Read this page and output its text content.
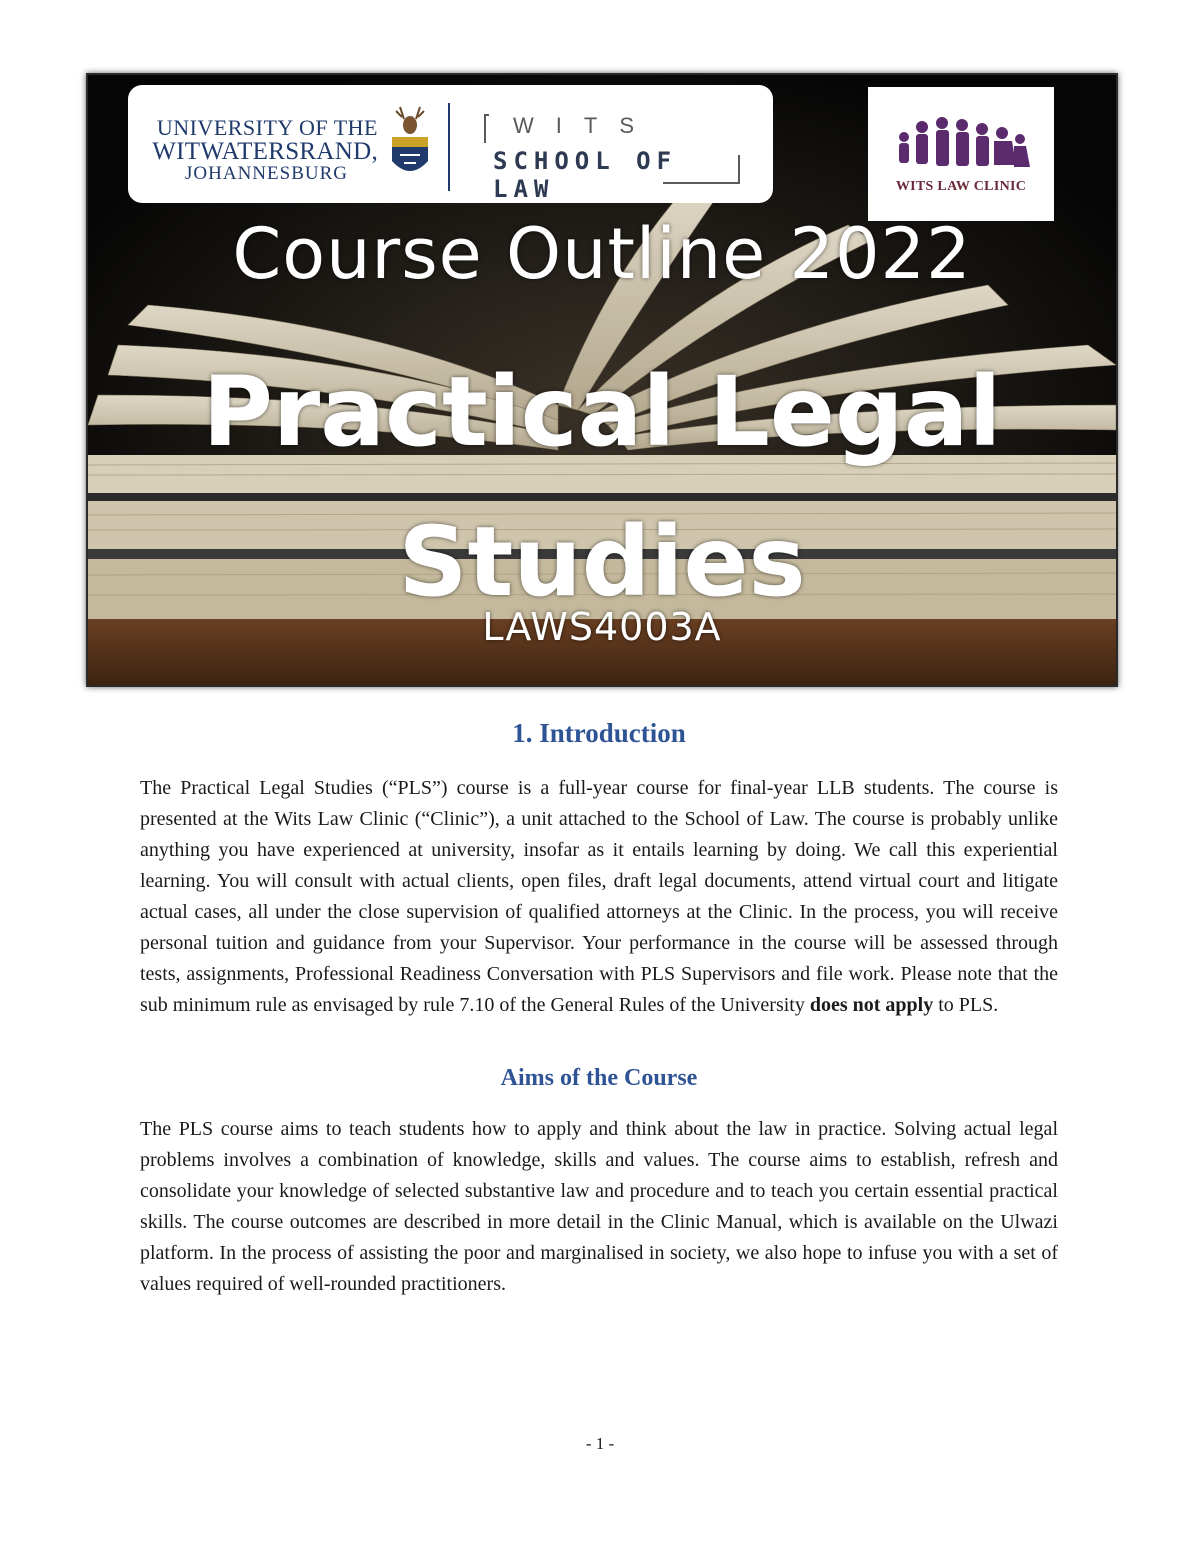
UNIVERSITY OF THE
WITWATERSRAND,
JOHANNESBURG
WITS
SCHOOL OF LAW	WITS LAW CLINIC
Course Outline 2022
Practical Legal
Studies
LAWS4003A
1. Introduction

The Practical Legal Studies (“PLS”) course is a full-year course for final-year LLB students. The course is presented at the Wits Law Clinic (“Clinic”), a unit attached to the School of Law. The course is probably unlike anything you have experienced at university, insofar as it entails learning by doing. We call this experiential learning. You will consult with actual clients, open files, draft legal documents, attend virtual court and litigate actual cases, all under the close supervision of qualified attorneys at the Clinic. In the process, you will receive personal tuition and guidance from your Supervisor. Your performance in the course will be assessed through tests, assignments, Professional Readiness Conversation with PLS Supervisors and file work. Please note that the sub minimum rule as envisaged by rule 7.10 of the General Rules of the University does not apply to PLS.

Aims of the Course

The PLS course aims to teach students how to apply and think about the law in practice. Solving actual legal problems involves a combination of knowledge, skills and values. The course aims to establish, refresh and consolidate your knowledge of selected substantive law and procedure and to teach you certain essential practical skills. The course outcomes are described in more detail in the Clinic Manual, which is available on the Ulwazi platform. In the process of assisting the poor and marginalised in society, we also hope to infuse you with a set of values required of well-rounded practitioners.

- 1 -
